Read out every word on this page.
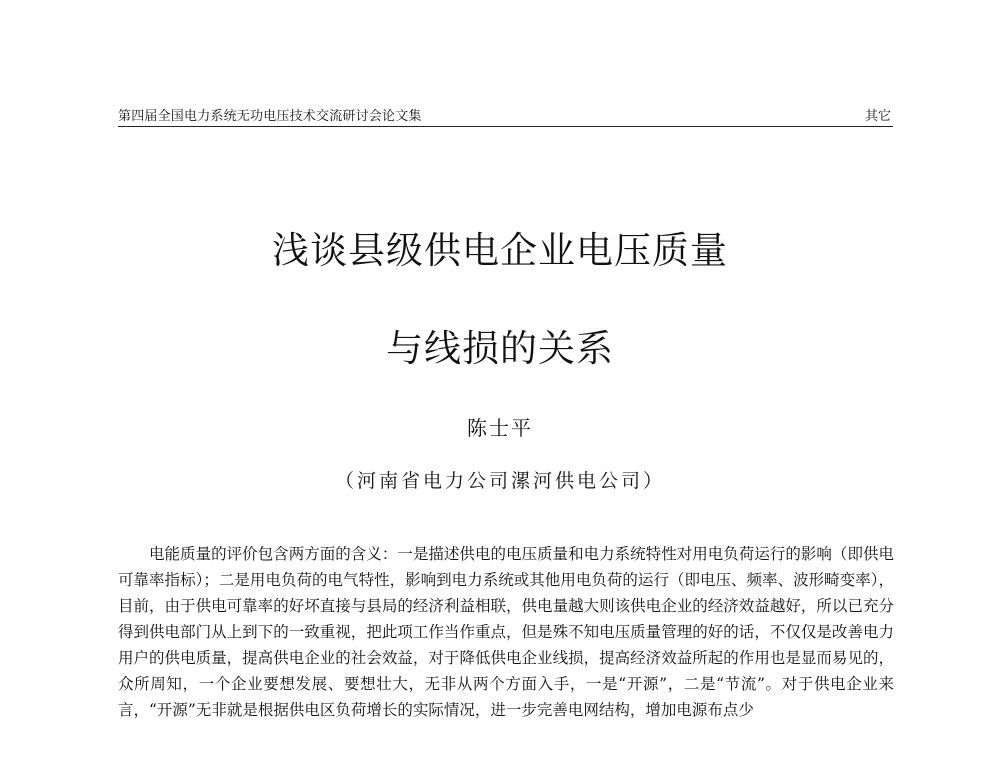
第四届全国电力系统无功电压技术交流研讨会论文集	其它
浅谈县级供电企业电压质量
与线损的关系
陈士平
（河南省电力公司漯河供电公司）

电能质量的评价包含两方面的含义：一是描述供电的电压质量和电力系统特性对用电负荷运行的影响（即供电可靠率指标）；二是用电负荷的电气特性，影响到电力系统或其他用电负荷的运行（即电压、频率、波形畸变率），目前，由于供电可靠率的好坏直接与县局的经济利益相联，供电量越大则该供电企业的经济效益越好，所以已充分得到供电部门从上到下的一致重视，把此项工作当作重点，但是殊不知电压质量管理的好的话，不仅仅是改善电力用户的供电质量，提高供电企业的社会效益，对于降低供电企业线损，提高经济效益所起的作用也是显而易见的，众所周知，一个企业要想发展、要想壮大，无非从两个方面入手，一是“开源”，二是“节流”。对于供电企业来言，“开源”无非就是根据供电区负荷增长的实际情况，进一步完善电网结构，增加电源布点少
